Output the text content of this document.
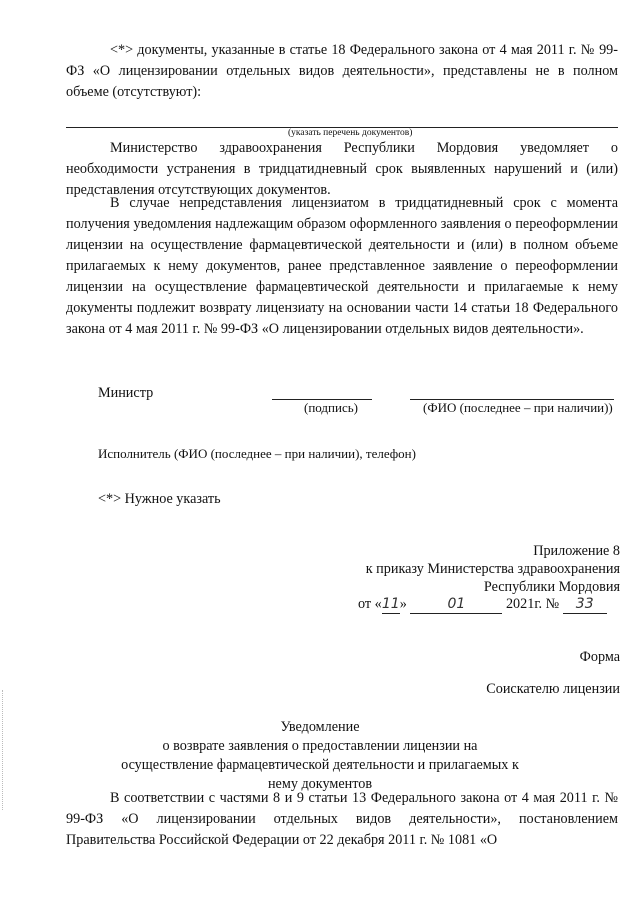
<*> документы, указанные в статье 18 Федерального закона от 4 мая 2011 г. № 99-ФЗ «О лицензировании отдельных видов деятельности», представлены не в полном объеме (отсутствуют):
(указать перечень документов)
Министерство здравоохранения Республики Мордовия уведомляет о необходимости устранения в тридцатидневный срок выявленных нарушений и (или) представления отсутствующих документов.
В случае непредставления лицензиатом в тридцатидневный срок с момента получения уведомления надлежащим образом оформленного заявления о переоформлении лицензии на осуществление фармацевтической деятельности и (или) в полном объеме прилагаемых к нему документов, ранее представленное заявление о переоформлении лицензии на осуществление фармацевтической деятельности и прилагаемые к нему документы подлежит возврату лицензиату на основании части 14 статьи 18 Федерального закона от 4 мая 2011 г. № 99-ФЗ «О лицензировании отдельных видов деятельности».
Министр
(подпись)	(ФИО (последнее – при наличии))
Исполнитель (ФИО (последнее – при наличии), телефон)
<*> Нужное указать
Приложение 8
к приказу Министерства здравоохранения
Республики Мордовия
от «11»	01	2021г. № 33
Форма
Соискателю лицензии
Уведомление
о возврате заявления о предоставлении лицензии на осуществление фармацевтической деятельности и прилагаемых к нему документов
В соответствии с частями 8 и 9 статьи 13 Федерального закона от 4 мая 2011 г. № 99-ФЗ «О лицензировании отдельных видов деятельности», постановлением Правительства Российской Федерации от 22 декабря 2011 г. № 1081 «О
